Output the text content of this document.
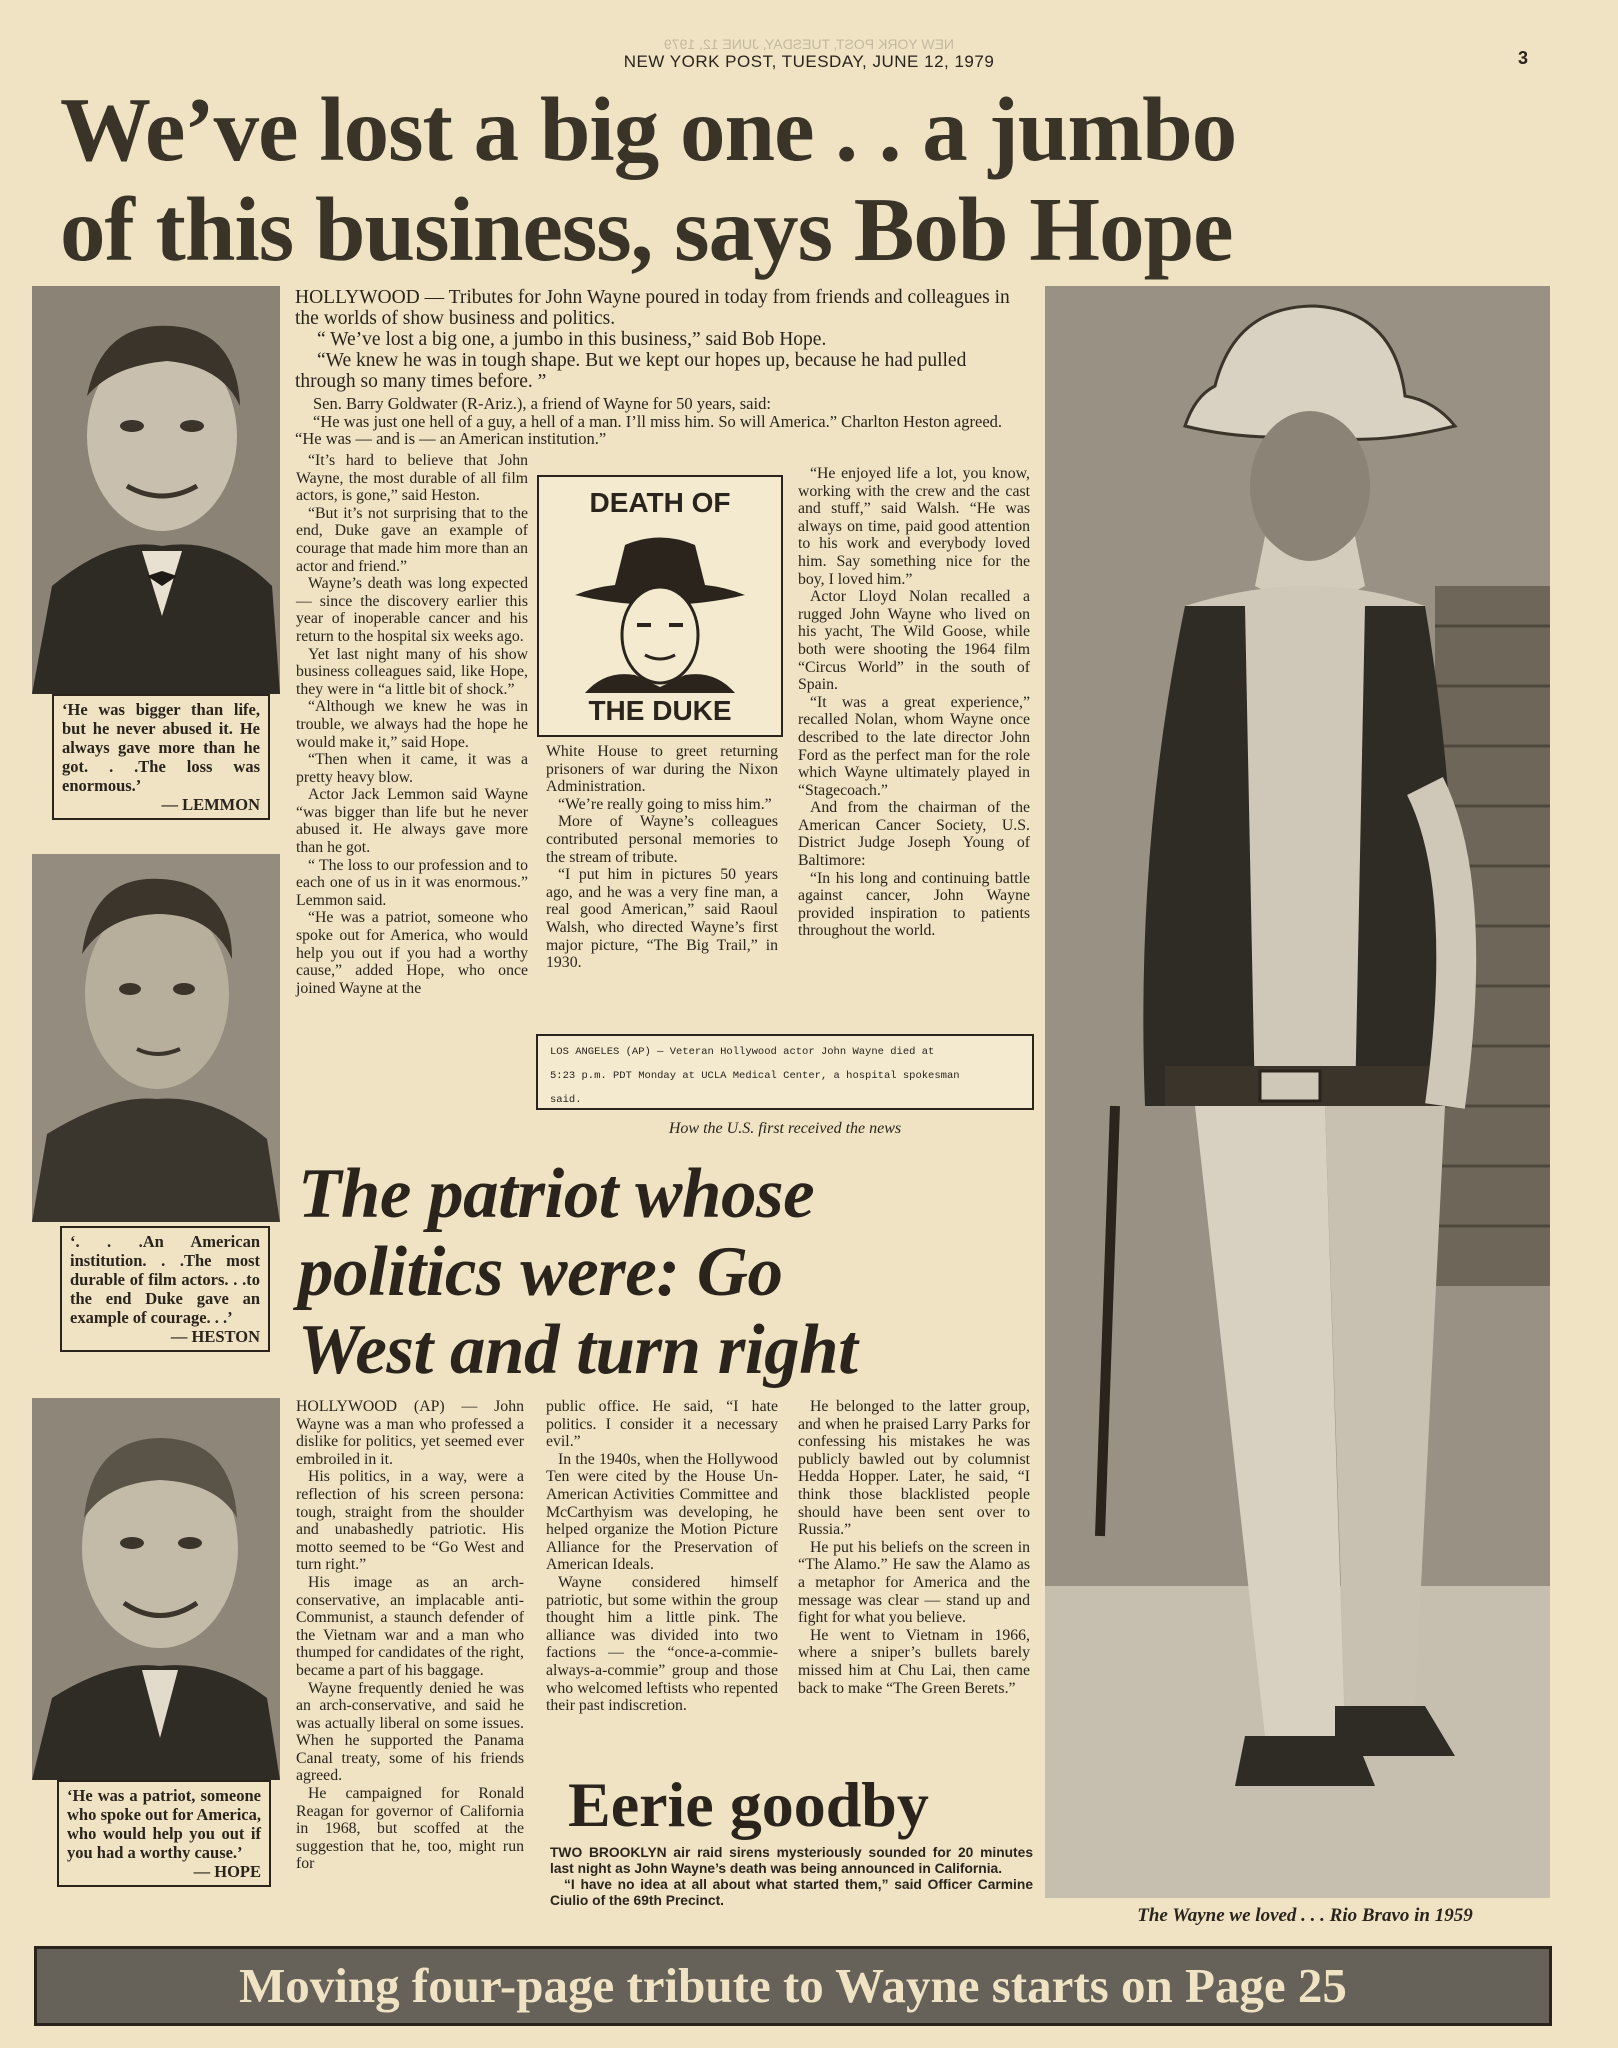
NEW YORK POST, TUESDAY, JUNE 12, 1979
NEW YORK POST, TUESDAY, JUNE 12, 1979	3
We’ve lost a big one . . a jumbo
of this business, says Bob Hope
‘He was bigger than life, but he never abused it. He always gave more than he got. . .The loss was enormous.’
— LEMMON
‘. . .An American institution. . .The most durable of film actors. . .to the end Duke gave an example of courage. . .’
— HESTON
‘He was a patriot, someone who spoke out for America, who would help you out if you had a worthy cause.’
— HOPE

HOLLYWOOD — Tributes for John Wayne poured in today from friends and colleagues in the worlds of show business and politics.

“ We’ve lost a big one, a jumbo in this business,” said Bob Hope.

“We knew he was in tough shape. But we kept our hopes up, because he had pulled through so many times before. ”

Sen. Barry Goldwater (R-Ariz.), a friend of Wayne for 50 years, said:

“He was just one hell of a guy, a hell of a man. I’ll miss him. So will America.” Charlton Heston agreed. “He was — and is — an American institution.”

“It’s hard to believe that John Wayne, the most durable of all film actors, is gone,” said Heston.

“But it’s not surprising that to the end, Duke gave an example of courage that made him more than an actor and friend.”

Wayne’s death was long expected — since the discovery earlier this year of inoperable cancer and his return to the hospital six weeks ago.

Yet last night many of his show business colleagues said, like Hope, they were in “a little bit of shock.”

“Although we knew he was in trouble, we always had the hope he would make it,” said Hope.

“Then when it came, it was a pretty heavy blow.

Actor Jack Lemmon said Wayne “was bigger than life but he never abused it. He always gave more than he got.

“ The loss to our profession and to each one of us in it was enormous.” Lemmon said.

“He was a patriot, someone who spoke out for America, who would help you out if you had a worthy cause,” added Hope, who once joined Wayne at the

DEATH OF
THE DUKE

White House to greet returning prisoners of war during the Nixon Administration.

“We’re really going to miss him.”

More of Wayne’s colleagues contributed personal memories to the stream of tribute.

“I put him in pictures 50 years ago, and he was a very fine man, a real good American,” said Raoul Walsh, who directed Wayne’s first major picture, “The Big Trail,” in 1930.

“He enjoyed life a lot, you know, working with the crew and the cast and stuff,” said Walsh. “He was always on time, paid good attention to his work and everybody loved him. Say something nice for the boy, I loved him.”

Actor Lloyd Nolan recalled a rugged John Wayne who lived on his yacht, The Wild Goose, while both were shooting the 1964 film “Circus World” in the south of Spain.

“It was a great experience,” recalled Nolan, whom Wayne once described to the late director John Ford as the perfect man for the role which Wayne ultimately played in “Stagecoach.”

And from the chairman of the American Cancer Society, U.S. District Judge Joseph Young of Baltimore:

“In his long and continuing battle against cancer, John Wayne provided inspiration to patients throughout the world.

LOS ANGELES (AP) — Veteran Hollywood actor John Wayne died at
5:23 p.m. PDT Monday at UCLA Medical Center, a hospital spokesman
said.
How the U.S. first received the news
The patriot whose
politics were: Go
West and turn right

HOLLYWOOD (AP) — John Wayne was a man who professed a dislike for politics, yet seemed ever embroiled in it.

His politics, in a way, were a reflection of his screen persona: tough, straight from the shoulder and unabashedly patriotic. His motto seemed to be “Go West and turn right.”

His image as an arch-conservative, an implacable anti-Communist, a staunch defender of the Vietnam war and a man who thumped for candidates of the right, became a part of his baggage.

Wayne frequently denied he was an arch-conservative, and said he was actually liberal on some issues. When he supported the Panama Canal treaty, some of his friends agreed.

He campaigned for Ronald Reagan for governor of California in 1968, but scoffed at the suggestion that he, too, might run for

public office. He said, “I hate politics. I consider it a necessary evil.”

In the 1940s, when the Hollywood Ten were cited by the House Un-American Activities Committee and McCarthyism was developing, he helped organize the Motion Picture Alliance for the Preservation of American Ideals.

Wayne considered himself patriotic, but some within the group thought him a little pink. The alliance was divided into two factions — the “once-a-commie-always-a-commie” group and those who welcomed leftists who repented their past indiscretion.

He belonged to the latter group, and when he praised Larry Parks for confessing his mistakes he was publicly bawled out by columnist Hedda Hopper. Later, he said, “I think those blacklisted people should have been sent over to Russia.”

He put his beliefs on the screen in “The Alamo.” He saw the Alamo as a metaphor for America and the message was clear — stand up and fight for what you believe.

He went to Vietnam in 1966, where a sniper’s bullets barely missed him at Chu Lai, then came back to make “The Green Berets.”

Eerie goodby

TWO BROOKLYN air raid sirens mysteriously sounded for 20 minutes last night as John Wayne’s death was being announced in California.

“I have no idea at all about what started them,” said Officer Carmine Ciulio of the 69th Precinct.

The Wayne we loved . . . Rio Bravo in 1959
Moving four-page tribute to Wayne starts on Page 25
